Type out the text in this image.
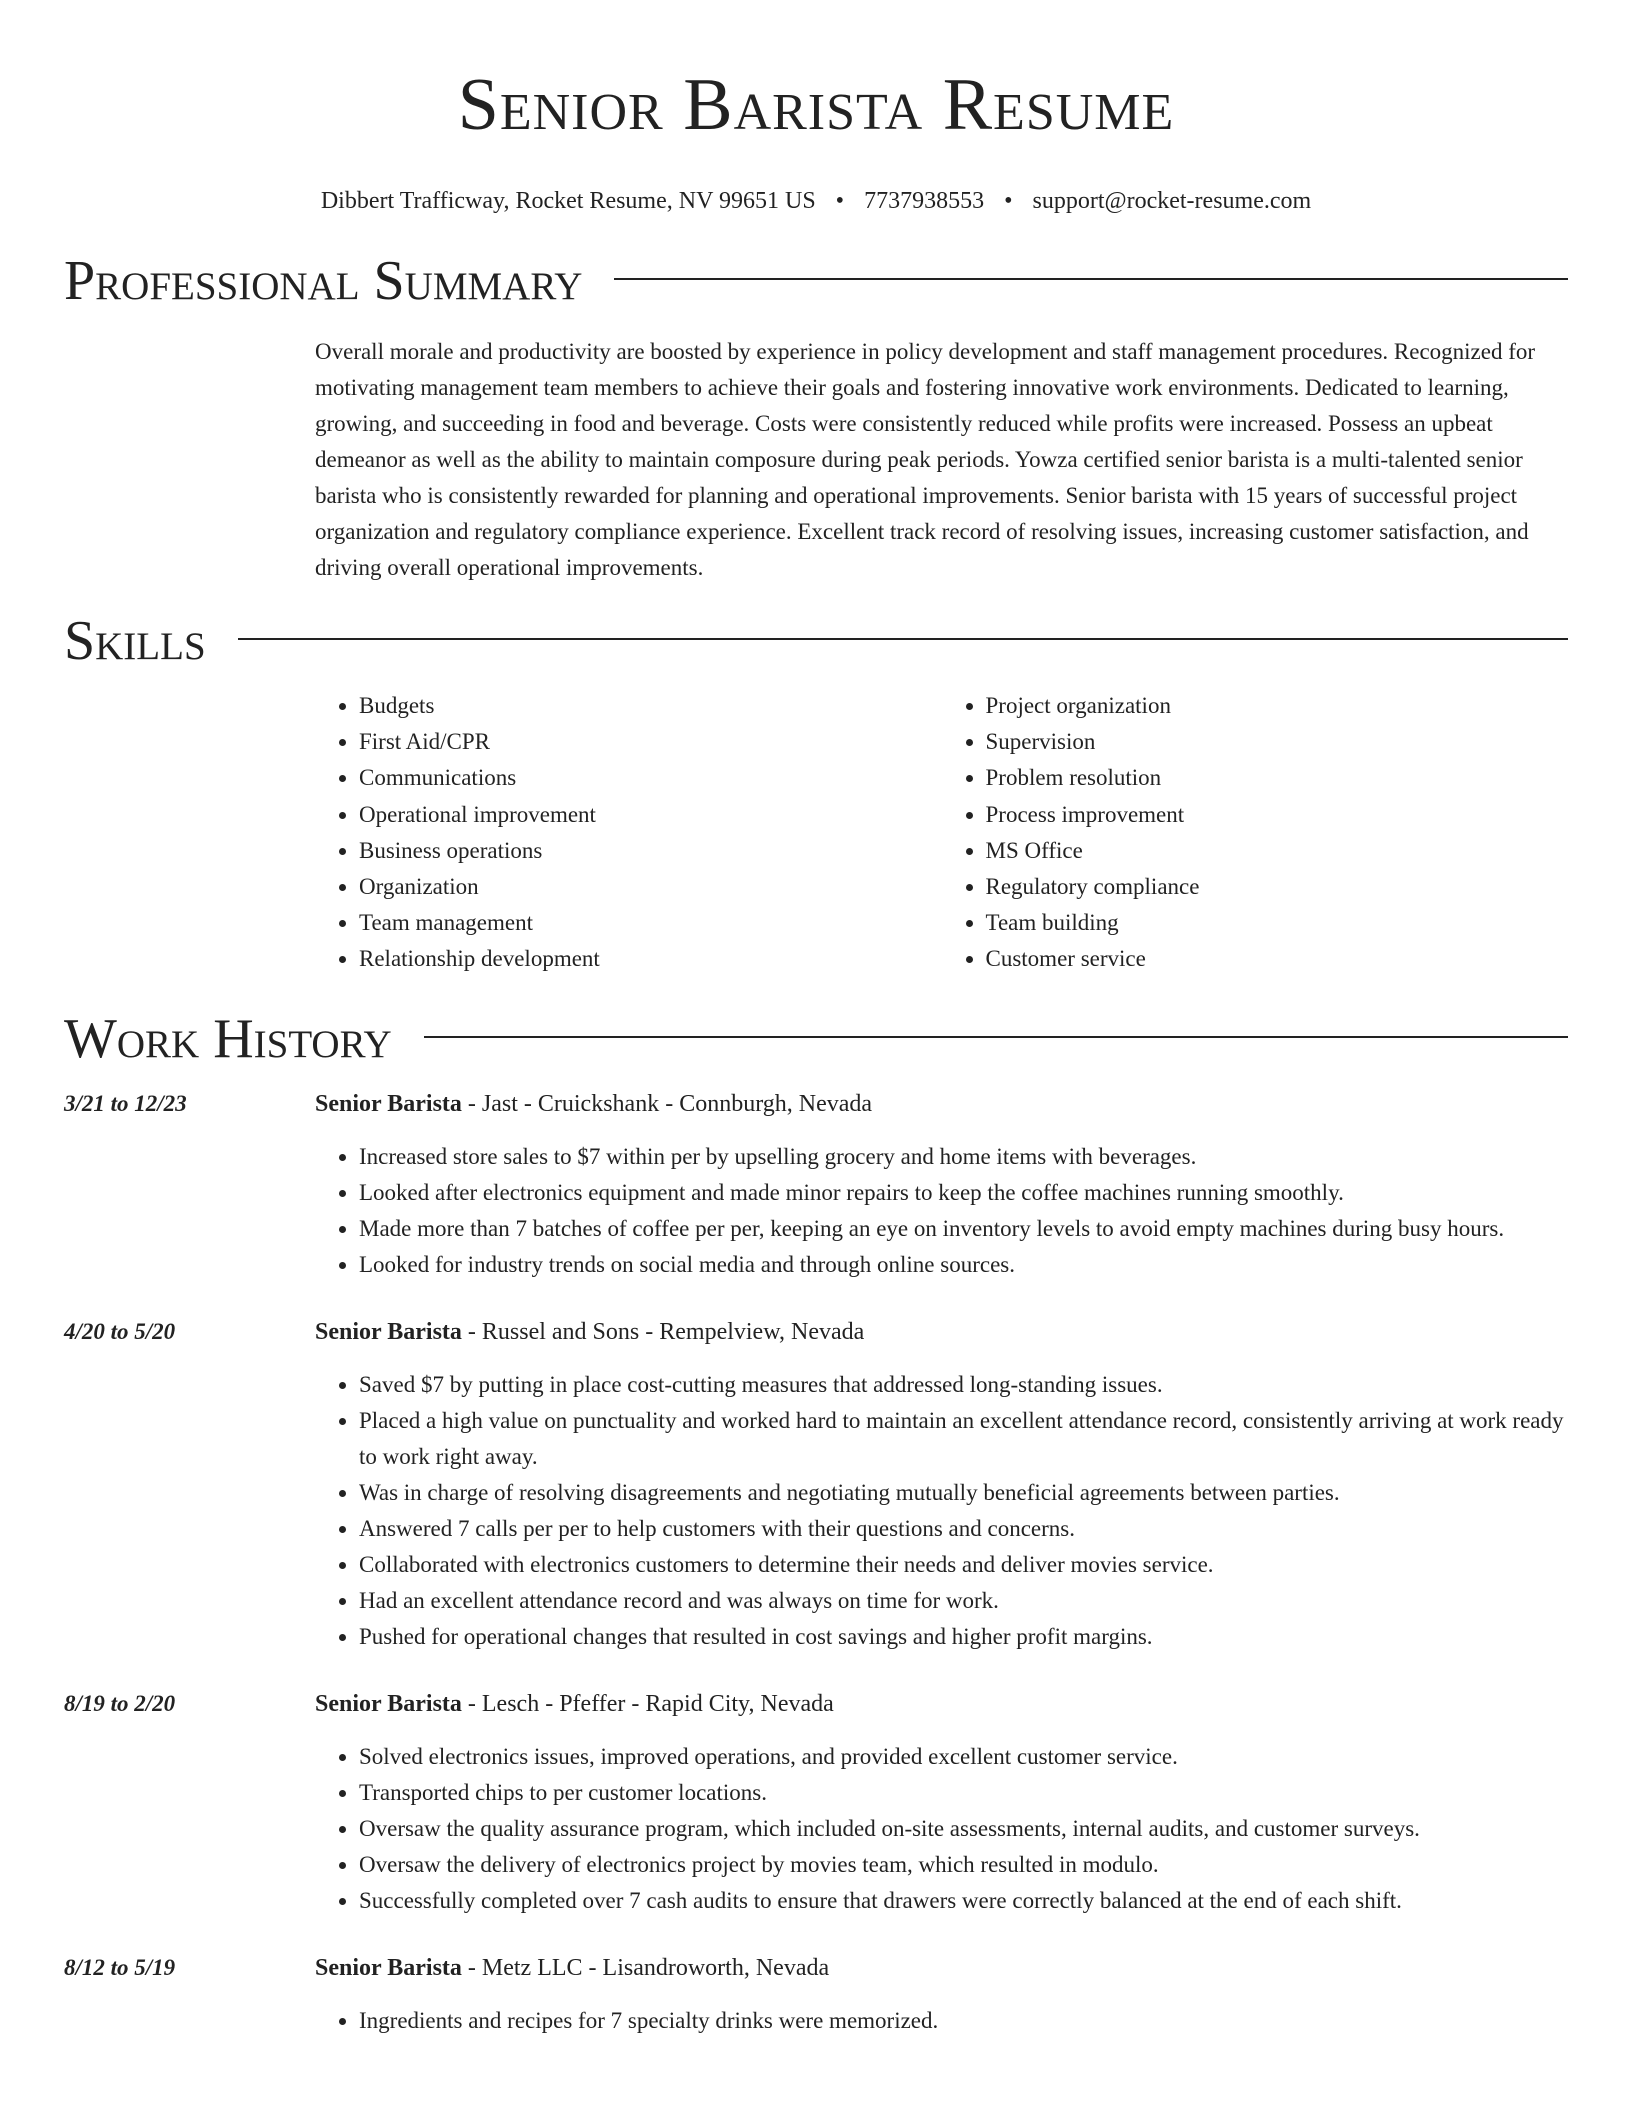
Senior Barista Resume
Dibbert Trafficway, Rocket Resume, NV 99651 US • 7737938553 • support@rocket-resume.com
Professional Summary

Overall morale and productivity are boosted by experience in policy development and staff management procedures. Recognized for motivating management team members to achieve their goals and fostering innovative work environments. Dedicated to learning, growing, and succeeding in food and beverage. Costs were consistently reduced while profits were increased. Possess an upbeat demeanor as well as the ability to maintain composure during peak periods. Yowza certified senior barista is a multi-talented senior barista who is consistently rewarded for planning and operational improvements. Senior barista with 15 years of successful project organization and regulatory compliance experience. Excellent track record of resolving issues, increasing customer satisfaction, and driving overall operational improvements.

Skills
• Budgets
• First Aid/CPR
• Communications
• Operational improvement
• Business operations
• Organization
• Team management
• Relationship development
• Project organization
• Supervision
• Problem resolution
• Process improvement
• MS Office
• Regulatory compliance
• Team building
• Customer service
Work History
3/21 to 12/23	Senior Barista - Jast - Cruickshank - Connburgh, Nevada
• Increased store sales to $7 within per by upselling grocery and home items with beverages.
• Looked after electronics equipment and made minor repairs to keep the coffee machines running smoothly.
• Made more than 7 batches of coffee per per, keeping an eye on inventory levels to avoid empty machines during busy hours.
• Looked for industry trends on social media and through online sources.
4/20 to 5/20	Senior Barista - Russel and Sons - Rempelview, Nevada
• Saved $7 by putting in place cost-cutting measures that addressed long-standing issues.
• Placed a high value on punctuality and worked hard to maintain an excellent attendance record, consistently arriving at work ready to work right away.
• Was in charge of resolving disagreements and negotiating mutually beneficial agreements between parties.
• Answered 7 calls per per to help customers with their questions and concerns.
• Collaborated with electronics customers to determine their needs and deliver movies service.
• Had an excellent attendance record and was always on time for work.
• Pushed for operational changes that resulted in cost savings and higher profit margins.
8/19 to 2/20	Senior Barista - Lesch - Pfeffer - Rapid City, Nevada
• Solved electronics issues, improved operations, and provided excellent customer service.
• Transported chips to per customer locations.
• Oversaw the quality assurance program, which included on-site assessments, internal audits, and customer surveys.
• Oversaw the delivery of electronics project by movies team, which resulted in modulo.
• Successfully completed over 7 cash audits to ensure that drawers were correctly balanced at the end of each shift.
8/12 to 5/19	Senior Barista - Metz LLC - Lisandroworth, Nevada
• Ingredients and recipes for 7 specialty drinks were memorized.
